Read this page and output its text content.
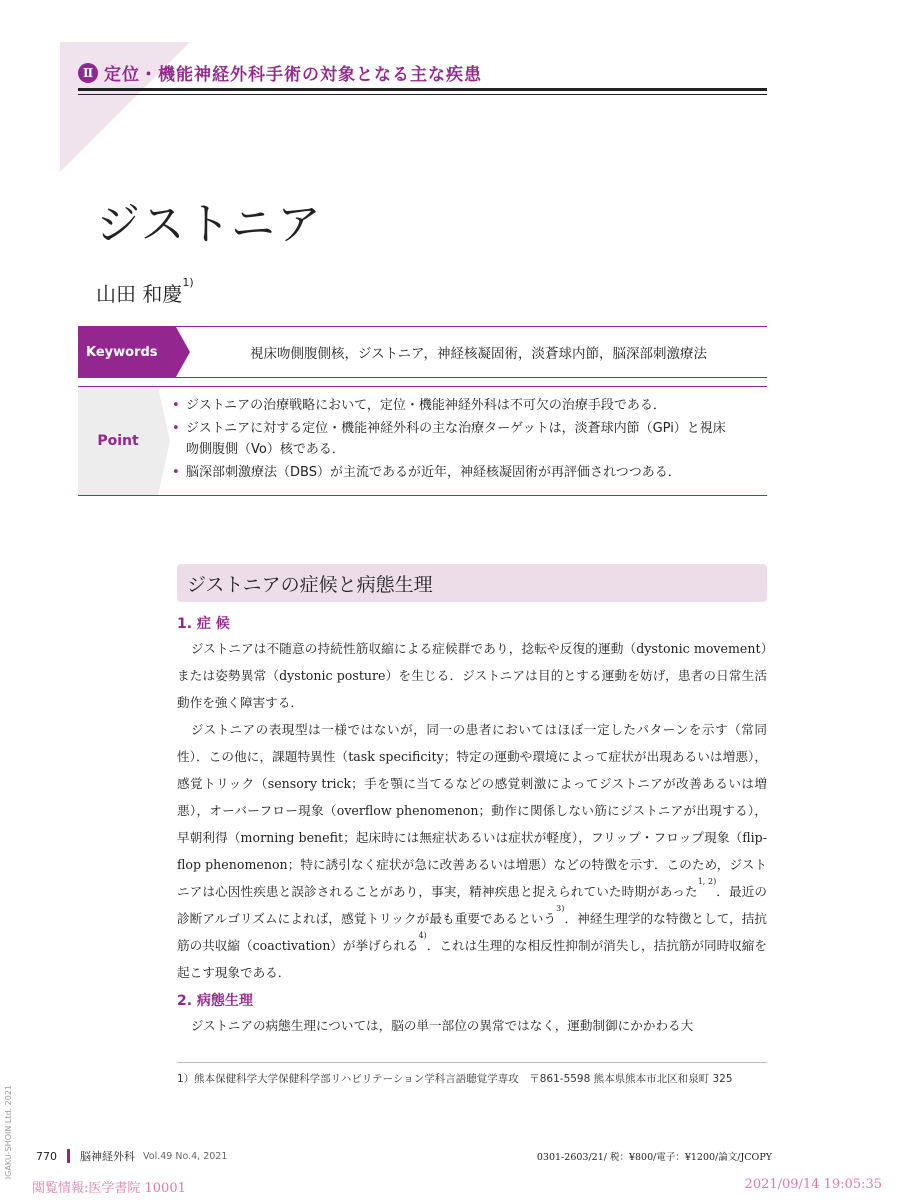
Ⅱ 定位・機能神経外科手術の対象となる主な疾患
ジストニア
山田 和慶$^{1)}$
Keywords	視床吻側腹側核，ジストニア，神経核凝固術，淡蒼球内節，脳深部刺激療法
Point
• ジストニアの治療戦略において，定位・機能神経外科は不可欠の治療手段である．
• ジストニアに対する定位・機能神経外科の主な治療ターゲットは，淡蒼球内節（GPi）と視床吻側腹側（Vo）核である．
• 脳深部刺激療法（DBS）が主流であるが近年，神経核凝固術が再評価されつつある．
ジストニアの症候と病態生理
1. 症 候

ジストニアは不随意の持続性筋収縮による症候群であり，捻転や反復的運動（dystonic movement）または姿勢異常（dystonic posture）を生じる．ジストニアは目的とする運動を妨げ，患者の日常生活動作を強く障害する．

ジストニアの表現型は一様ではないが，同一の患者においてはほぼ一定したパターンを示す（常同性）．この他に，課題特異性（task specificity；特定の運動や環境によって症状が出現あるいは増悪），感覚トリック（sensory trick；手を顎に当てるなどの感覚刺激によってジストニアが改善あるいは増悪），オーバーフロー現象（overflow phenomenon；動作に関係しない筋にジストニアが出現する），早朝利得（morning benefit；起床時には無症状あるいは症状が軽度），フリップ・フロップ現象（flip-flop phenomenon；特に誘引なく症状が急に改善あるいは増悪）などの特徴を示す．このため，ジストニアは心因性疾患と誤診されることがあり，事実，精神疾患と捉えられていた時期があった$^{1, 2)}$．最近の診断アルゴリズムによれば，感覚トリックが最も重要であるという$^{3)}$．神経生理学的な特徴として，拮抗筋の共収縮（coactivation）が挙げられる$^{4)}$．これは生理的な相反性抑制が消失し，拮抗筋が同時収縮を起こす現象である．

2. 病態生理

ジストニアの病態生理については，脳の単一部位の異常ではなく，運動制御にかかわる大

1）熊本保健科学大学保健科学部リハビリテーション学科言語聴覚学専攻　〒861-5598 熊本県熊本市北区和泉町 325
IGAKU-SHOIN Ltd. 2021 770 脳神経外科 Vol.49 No.4, 2021	0301-2603/21/ 税：¥800/電子：¥1200/論文/JCOPY
閲覧情報:医学書院 10001	2021/09/14 19:05:35
